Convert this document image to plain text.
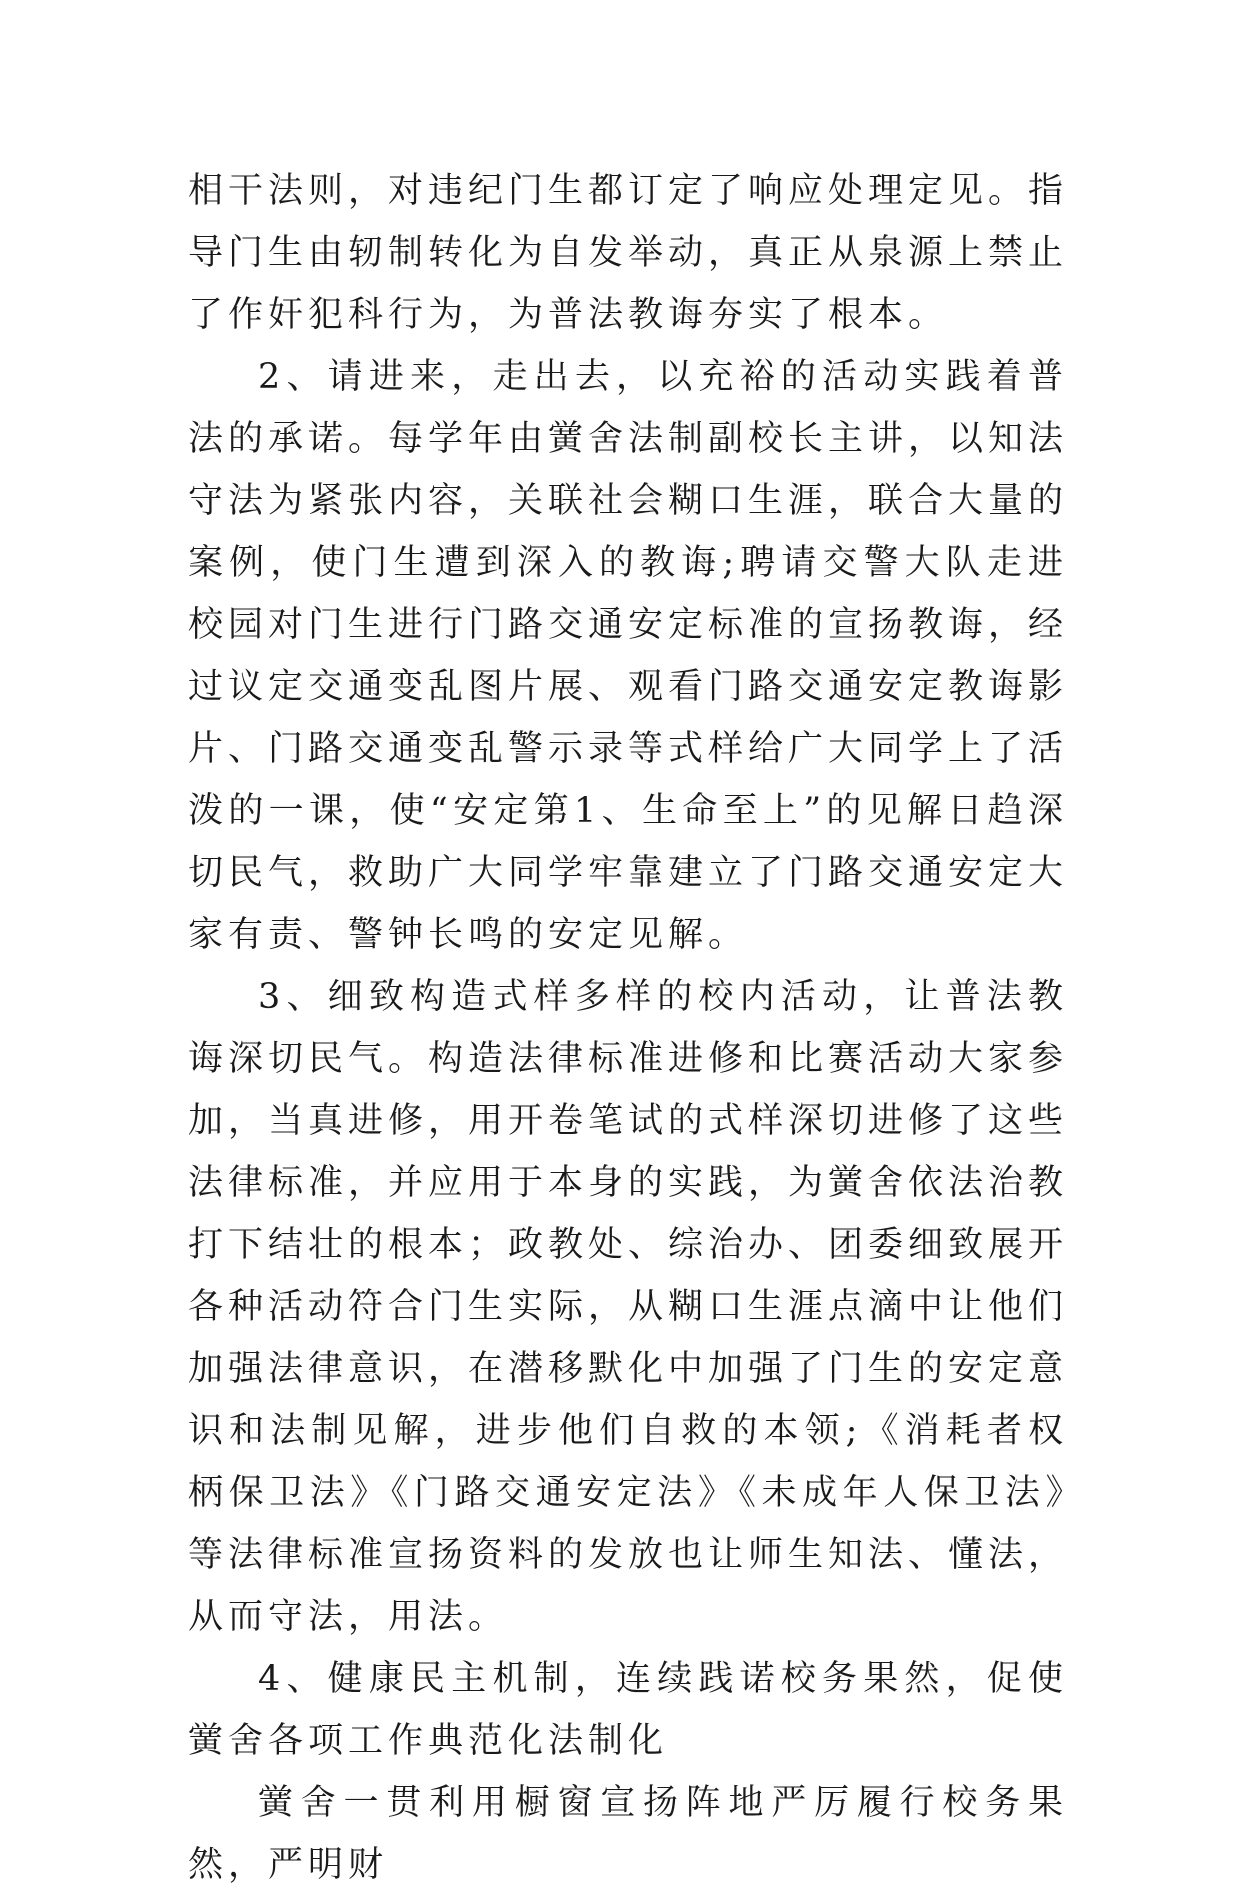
相干法则，对违纪门生都订定了响应处理定见。指导门生由轫制转化为自发举动，真正从泉源上禁止了作奸犯科行为，为普法教诲夯实了根本。

2、请进来，走出去，以充裕的活动实践着普法的承诺。每学年由黉舍法制副校长主讲，以知法守法为紧张内容，关联社会糊口生涯，联合大量的案例，使门生遭到深入的教诲;聘请交警大队走进校园对门生进行门路交通安定标准的宣扬教诲，经过议定交通变乱图片展、观看门路交通安定教诲影片、门路交通变乱警示录等式样给广大同学上了活泼的一课，使“安定第1、生命至上”的见解日趋深切民气，救助广大同学牢靠建立了门路交通安定大家有责、警钟长鸣的安定见解。

3、细致构造式样多样的校内活动，让普法教诲深切民气。构造法律标准进修和比赛活动大家参加，当真进修，用开卷笔试的式样深切进修了这些法律标准，并应用于本身的实践，为黉舍依法治教打下结壮的根本；政教处、综治办、团委细致展开各种活动符合门生实际，从糊口生涯点滴中让他们加强法律意识，在潜移默化中加强了门生的安定意识和法制见解，进步他们自救的本领;《消耗者权柄保卫法》《门路交通安定法》《未成年人保卫法》等法律标准宣扬资料的发放也让师生知法、懂法，从而守法，用法。

4、健康民主机制，连续践诺校务果然，促使黉舍各项工作典范化法制化

黉舍一贯利用橱窗宣扬阵地严厉履行校务果然，严明财
